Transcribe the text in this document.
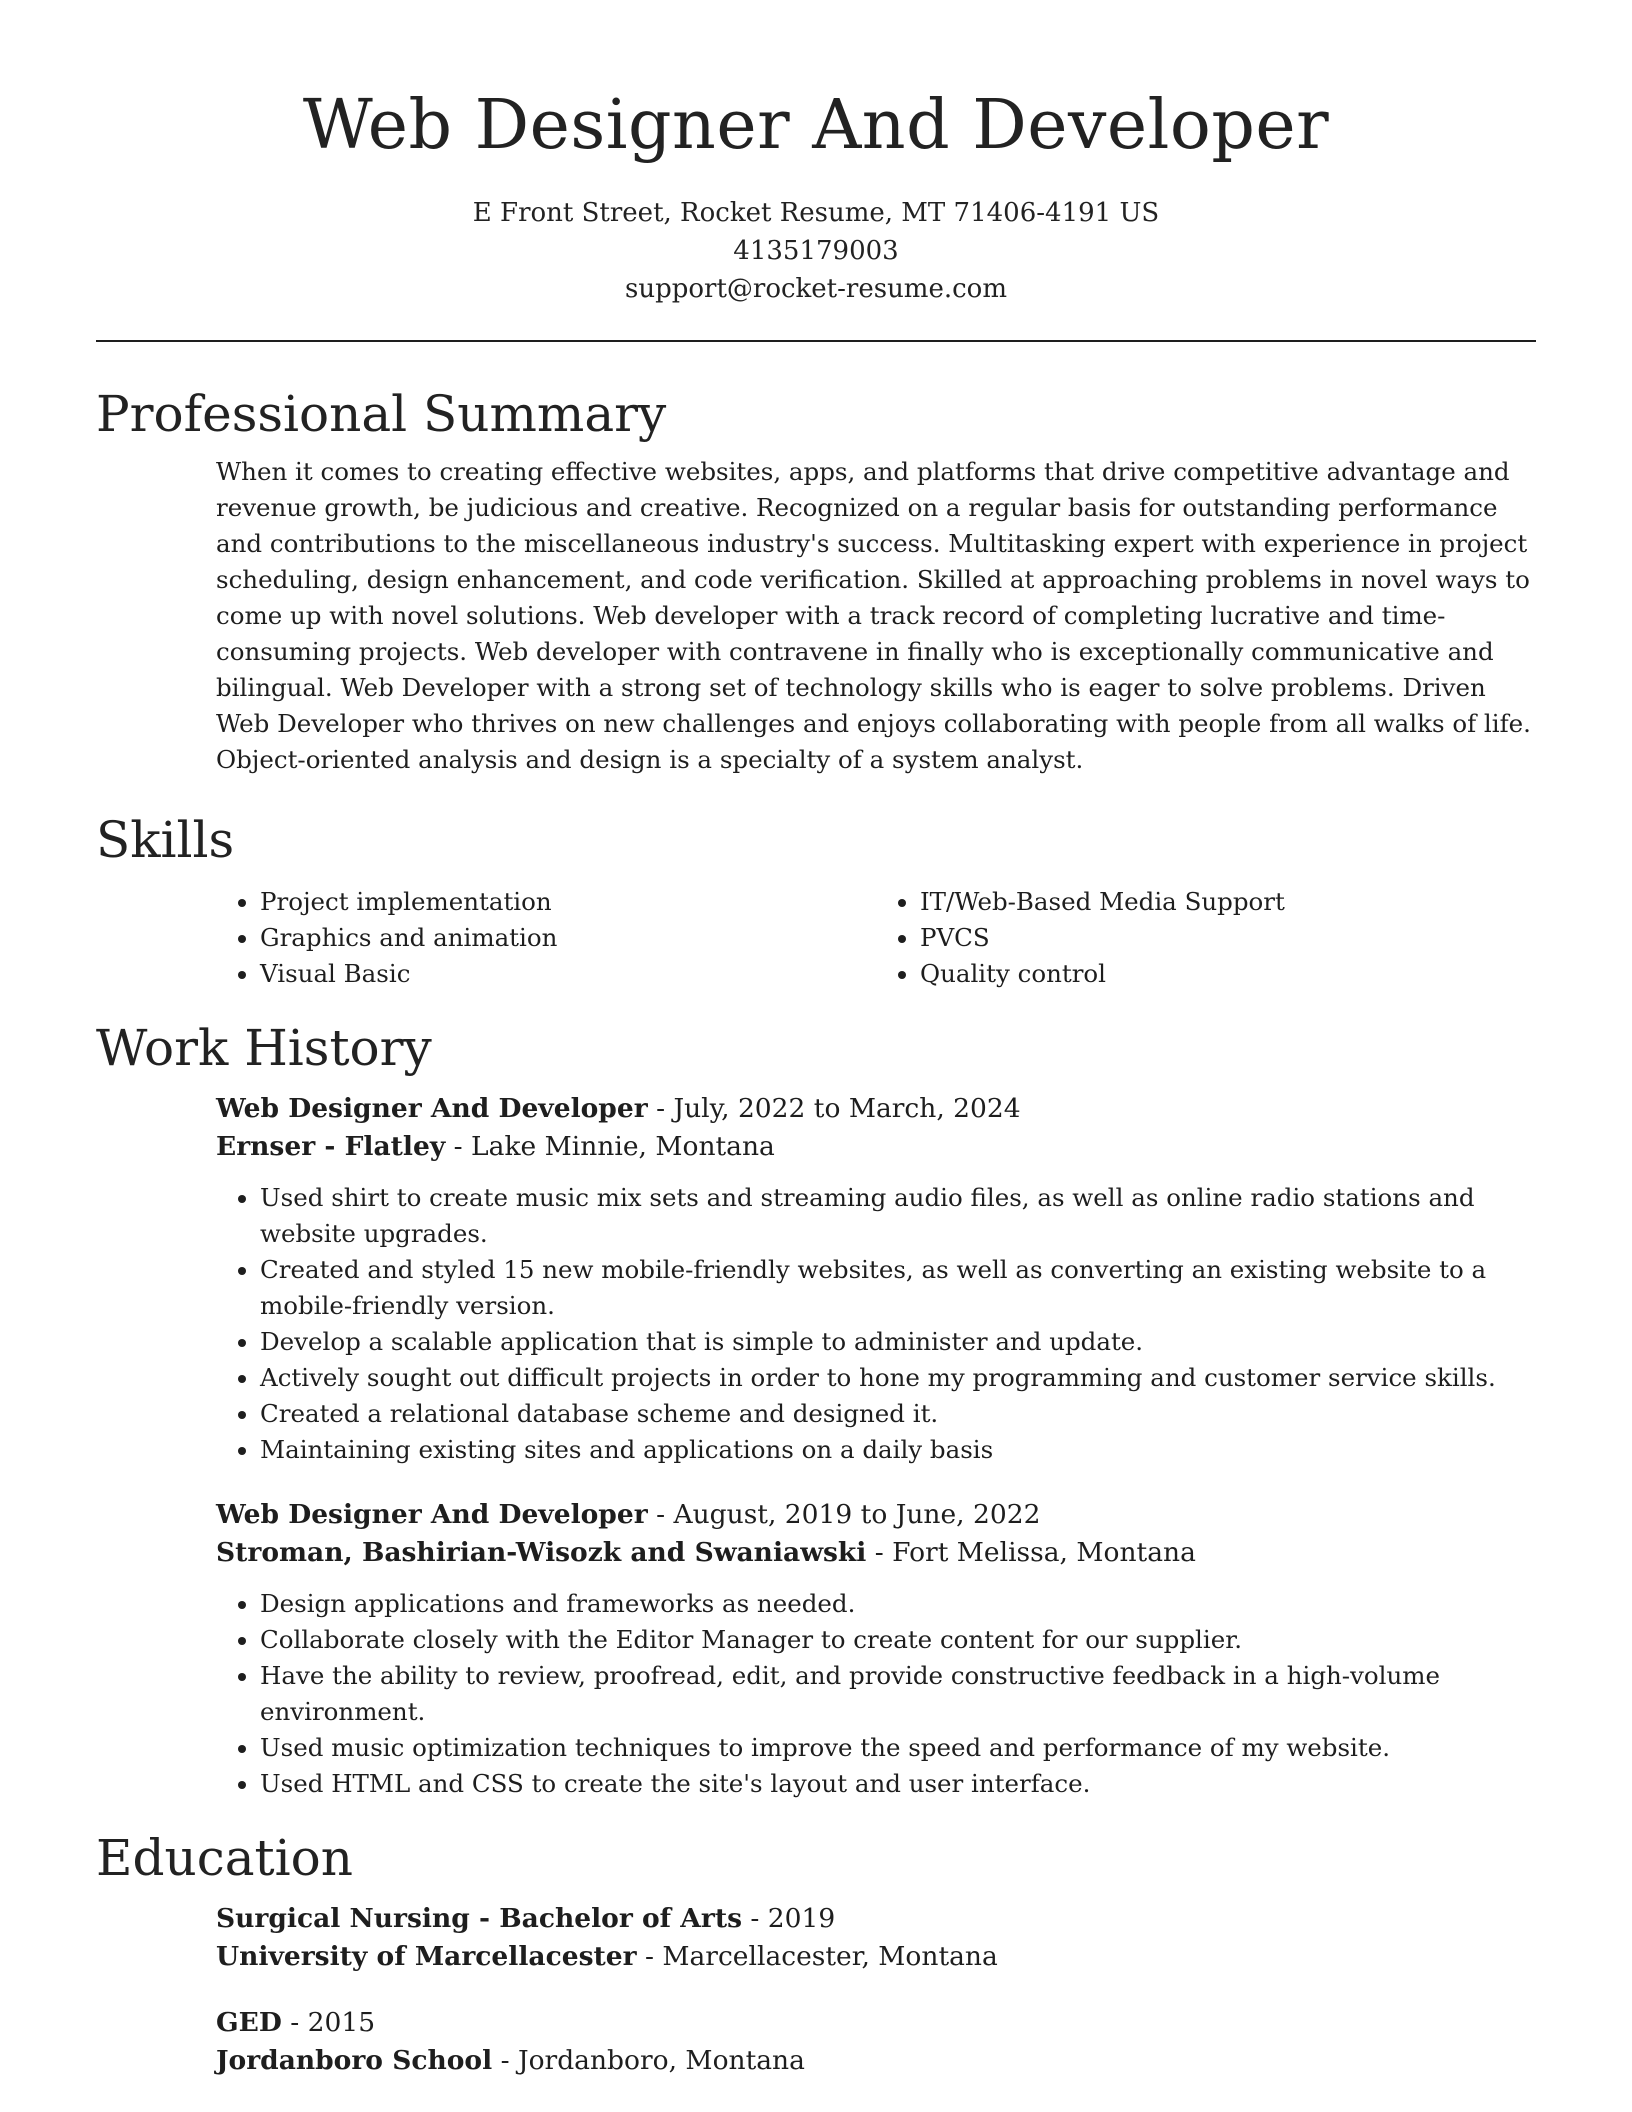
Web Designer And Developer
E Front Street, Rocket Resume, MT 71406-4191 US
4135179003
support@rocket-resume.com
Professional Summary

When it comes to creating effective websites, apps, and platforms that drive competitive advantage and revenue growth, be judicious and creative. Recognized on a regular basis for outstanding performance and contributions to the miscellaneous industry's success. Multitasking expert with experience in project scheduling, design enhancement, and code verification. Skilled at approaching problems in novel ways to come up with novel solutions. Web developer with a track record of completing lucrative and time-consuming projects. Web developer with contravene in finally who is exceptionally communicative and bilingual. Web Developer with a strong set of technology skills who is eager to solve problems. Driven Web Developer who thrives on new challenges and enjoys collaborating with people from all walks of life. Object-oriented analysis and design is a specialty of a system analyst.

Skills
• Project implementation
• Graphics and animation
• Visual Basic
• IT/Web-Based Media Support
• PVCS
• Quality control
Work History
Web Designer And Developer - July, 2022 to March, 2024
Ernser - Flatley - Lake Minnie, Montana
• Used shirt to create music mix sets and streaming audio files, as well as online radio stations and website upgrades.
• Created and styled 15 new mobile-friendly websites, as well as converting an existing website to a mobile-friendly version.
• Develop a scalable application that is simple to administer and update.
• Actively sought out difficult projects in order to hone my programming and customer service skills.
• Created a relational database scheme and designed it.
• Maintaining existing sites and applications on a daily basis
Web Designer And Developer - August, 2019 to June, 2022
Stroman, Bashirian-Wisozk and Swaniawski - Fort Melissa, Montana
• Design applications and frameworks as needed.
• Collaborate closely with the Editor Manager to create content for our supplier.
• Have the ability to review, proofread, edit, and provide constructive feedback in a high-volume environment.
• Used music optimization techniques to improve the speed and performance of my website.
• Used HTML and CSS to create the site's layout and user interface.
Education
Surgical Nursing - Bachelor of Arts - 2019
University of Marcellacester - Marcellacester, Montana
GED - 2015
Jordanboro School - Jordanboro, Montana
